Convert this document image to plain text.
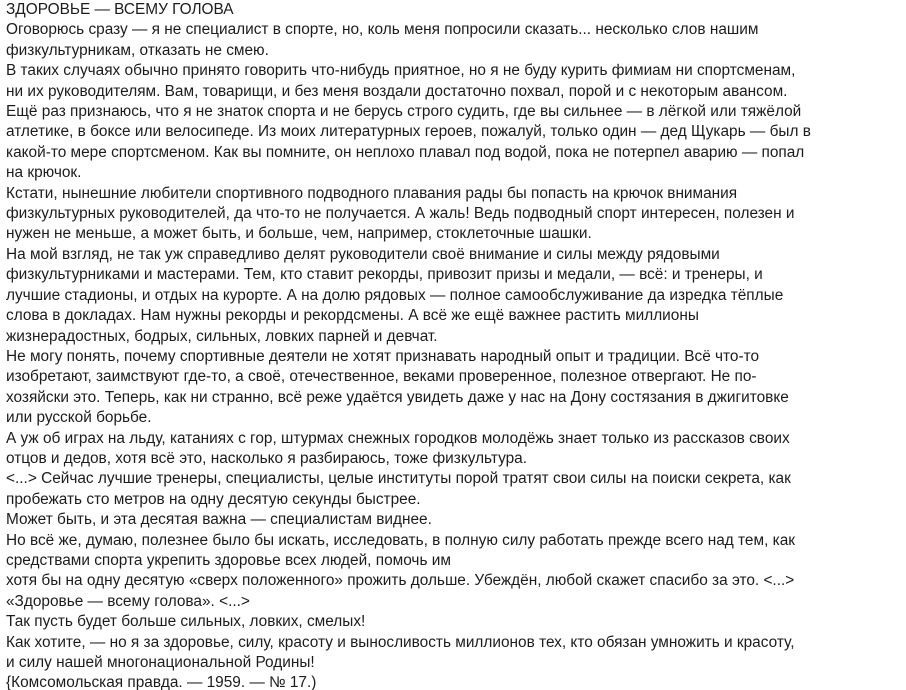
ЗДОРОВЬЕ — ВСЕМУ ГОЛОВА

Оговорюсь сразу — я не специалист в спорте, но, коль меня попросили сказать... несколько слов нашим
физкультурникам, отказать не смею.

В таких случаях обычно принято говорить что-нибудь приятное, но я не буду курить фимиам ни спортсменам,
ни их руководителям. Вам, товарищи, и без меня воздали достаточно похвал, порой и с некоторым авансом.

Ещё раз признаюсь, что я не знаток спорта и не берусь строго судить, где вы сильнее — в лёгкой или тяжёлой
атлетике, в боксе или велосипеде. Из моих литературных героев, пожалуй, только один — дед Щукарь — был в
какой-то мере спортсменом. Как вы помните, он неплохо плавал под водой, пока не потерпел аварию — попал
на крючок.

Кстати, нынешние любители спортивного подводного плавания рады бы попасть на крючок внимания
физкультурных руководителей, да что-то не получается. А жаль! Ведь подводный спорт интересен, полезен и
нужен не меньше, а может быть, и больше, чем, например, стоклеточные шашки.

На мой взгляд, не так уж справедливо делят руководители своё внимание и силы между рядовыми
физкультурниками и мастерами. Тем, кто ставит рекорды, привозит призы и медали, — всё: и тренеры, и
лучшие стадионы, и отдых на курорте. А на долю рядовых — полное самообслуживание да изредка тёплые
слова в докладах. Нам нужны рекорды и рекордсмены. А всё же ещё важнее растить миллионы
жизнерадостных, бодрых, сильных, ловких парней и девчат.

Не могу понять, почему спортивные деятели не хотят признавать народный опыт и традиции. Всё что-то
изобретают, заимствуют где-то, а своё, отечественное, веками проверенное, полезное отвергают. Не по-
хозяйски это. Теперь, как ни странно, всё реже удаётся увидеть даже у нас на Дону состязания в джигитовке
или русской борьбе.

А уж об играх на льду, катаниях с гор, штурмах снежных городков молодёжь знает только из рассказов своих
отцов и дедов, хотя всё это, насколько я разбираюсь, тоже физкультура.

<...> Сейчас лучшие тренеры, специалисты, целые институты порой тратят свои силы на поиски секрета, как
пробежать сто метров на одну десятую секунды быстрее.

Может быть, и эта десятая важна — специалистам виднее.

Но всё же, думаю, полезнее было бы искать, исследовать, в полную силу работать прежде всего над тем, как
средствами спорта укрепить здоровье всех людей, помочь им
хотя бы на одну десятую «сверх положенного» прожить дольше. Убеждён, любой скажет спасибо за это. <...>
«Здоровье — всему голова». <...>

Так пусть будет больше сильных, ловких, смелых!

Как хотите, — но я за здоровье, силу, красоту и выносливость миллионов тех, кто обязан умножить и красоту,
и силу нашей многонациональной Родины!

{Комсомольская правда. — 1959. — № 17.)
